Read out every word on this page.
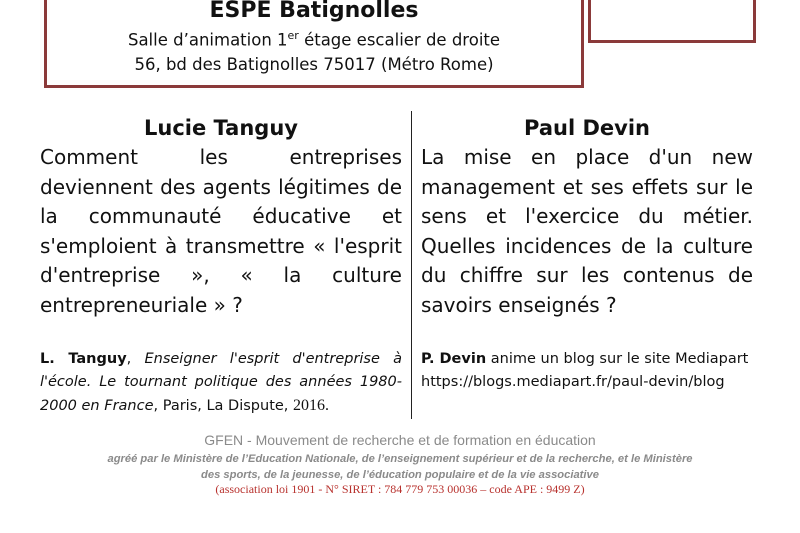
ESPE Batignolles
Salle d’animation 1er étage escalier de droite
56, bd des Batignolles 75017 (Métro Rome)
Lucie Tanguy

Comment les entreprises deviennent des agents légitimes de la communauté éducative et s'emploient à transmettre « l'esprit d'entreprise », « la culture entrepreneuriale » ?

L. Tanguy, Enseigner l'esprit d'entreprise à l'école. Le tournant politique des années 1980-2000 en France, Paris, La Dispute, 2016.
Paul Devin

La mise en place d'un new management et ses effets sur le sens et l'exercice du métier. Quelles incidences de la culture du chiffre sur les contenus de savoirs enseignés ?

P. Devin anime un blog sur le site Mediapart https://blogs.mediapart.fr/paul-devin/blog
GFEN - Mouvement de recherche et de formation en éducation
agréé par le Ministère de l’Education Nationale, de l’enseignement supérieur et de la recherche, et le Ministère
des sports, de la jeunesse, de l’éducation populaire et de la vie associative
(association loi 1901 - N° SIRET : 784 779 753 00036 – code APE : 9499 Z)
